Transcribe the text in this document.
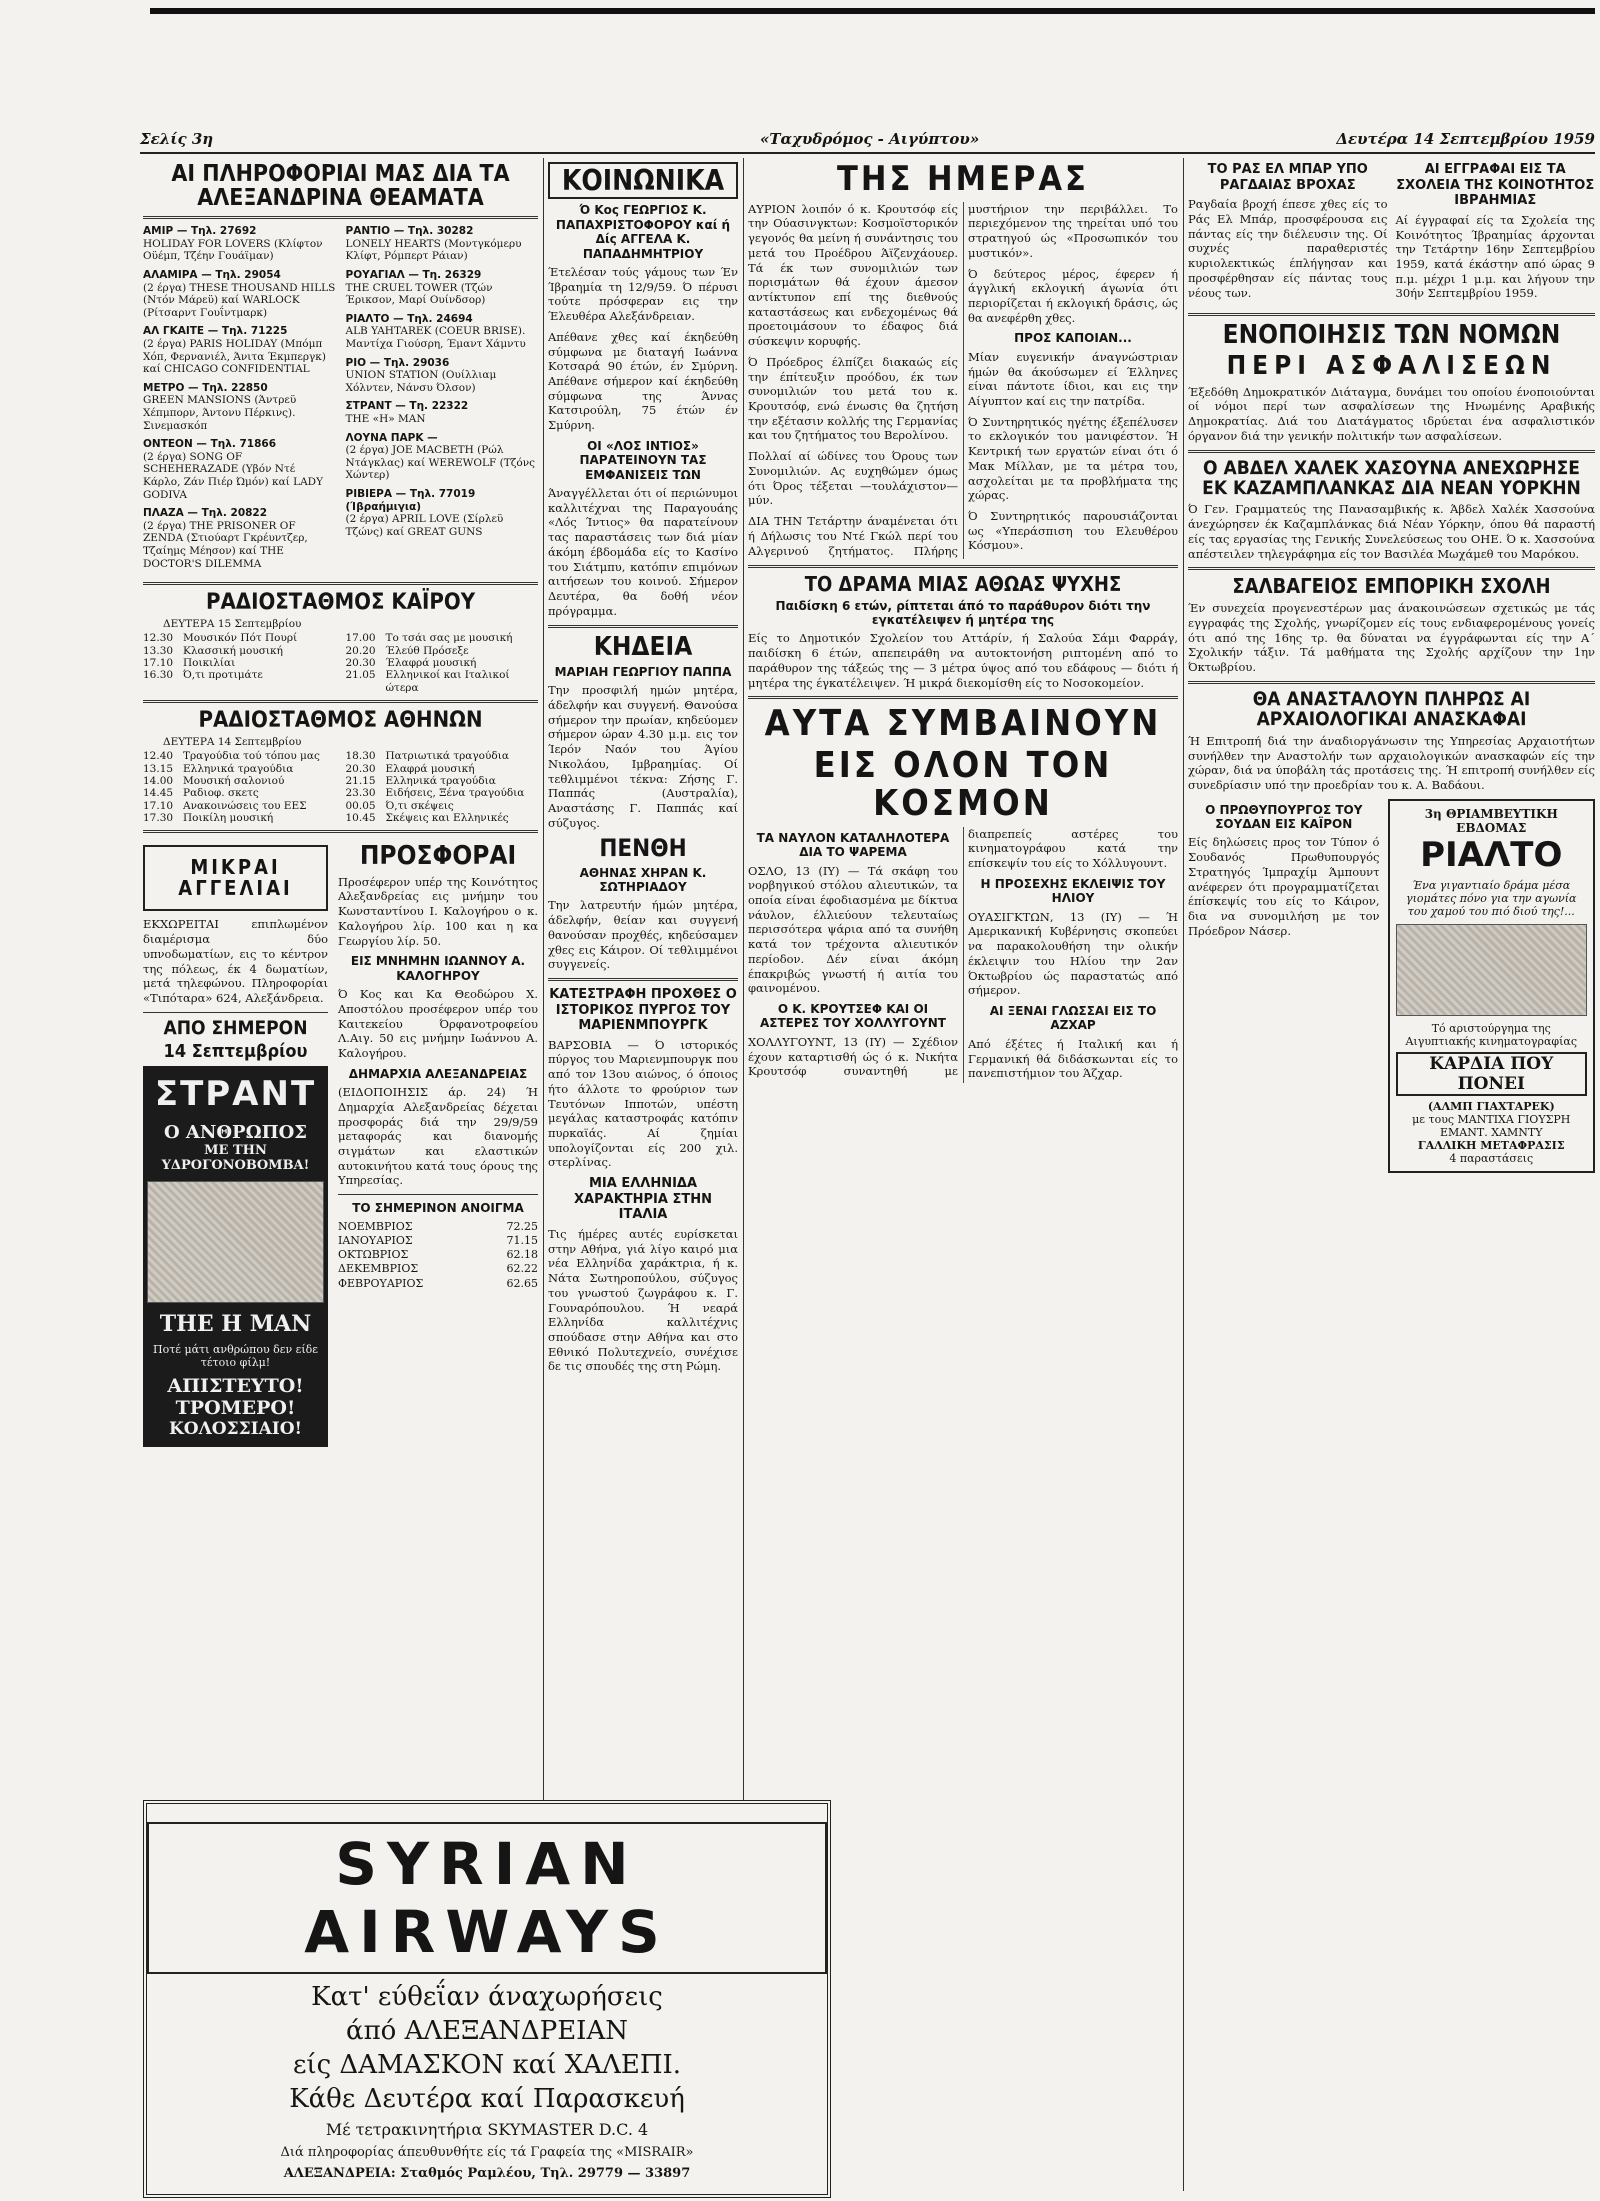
Σελίς 3η	«Ταχυδρόμος - Αιγύπτου»	Δευτέρα 14 Σεπτεμβρίου 1959
ΑΙ ΠΛΗΡΟΦΟΡΙΑΙ ΜΑΣ ΔΙΑ ΤΑ ΑΛΕΞΑΝΔΡΙΝΑ ΘΕΑΜΑΤΑ
ΑΜΙΡ — Τηλ. 27692
HOLIDAY FOR LOVERS (Κλίφτον Οϋέμπ, Τζέην Γουάϊμαν)
ΑΛΑΜΙΡΑ — Τηλ. 29054
(2 έργα) THESE THOUSAND HILLS (Ντόν Μάρεϋ) καί WARLOCK (Ρίτσαρντ Γουΐντμαρκ)
ΑΛ ΓΚΑΙΤΕ — Τηλ. 71225
(2 έργα) PARIS HOLIDAY (Μπόμπ Χόπ, Φερνανιέλ, Άνιτα Έκμπεργκ) καί CHICAGO CONFIDENTIAL
ΜΕΤΡΟ — Τηλ. 22850
GREEN MANSIONS (Άντρεϋ Χέπμπορν, Άντονυ Πέρκινς). Σινεμασκόπ
ΟΝΤΕΟΝ — Τηλ. 71866
(2 έργα) SONG OF SCHEHERAZADE (Υβόν Ντέ Κάρλο, Ζάν Πιέρ Ώμόν) καί LADY GODIVA
ΠΛΑΖΑ — Τηλ. 20822
(2 έργα) THE PRISONER OF ZENDA (Στιούαρτ Γκρέυντζερ, Τζαίημς Μέησον) καί THE DOCTOR'S DILEMMA
ΡΑΝΤΙΟ — Τηλ. 30282
LONELY HEARTS (Μοντγκόμερυ Κλίφτ, Ρόμπερτ Ράιαν)
ΡΟΥΑΓΙΑΛ — Τη. 26329
THE CRUEL TOWER (Τζών Έρικσον, Μαρί Ουίνδσορ)
ΡΙΑΛΤΟ — Τηλ. 24694
ALB YAHTAREK (COEUR BRISE). Μαντίχα Γιούσρη, Έμαντ Χάμντυ
ΡΙΟ — Τηλ. 29036
UNION STATION (Ουίλλιαμ Χόλντεν, Νάνσυ Όλσον)
ΣΤΡΑΝΤ — Τη. 22322
THE «H» MAN
ΛΟΥΝΑ ΠΑΡΚ —
(2 έργα) JOE MACBETH (Ρώλ Ντάγκλας) καί WEREWOLF (Τζόνς Χώντερ)
ΡΙΒΙΕΡΑ — Τηλ. 77019 (Ίβραήμιγια)
(2 έργα) APRIL LOVE (Σίρλεϋ Τζώνς) καί GREAT GUNS
ΡΑΔΙΟΣΤΑΘΜΟΣ ΚΑΪΡΟΥ
ΔΕΥΤΕΡΑ 15 Σεπτεμβρίου
12.30 Μουσικόν Πότ Πουρί
13.30 Κλασσική μουσική
17.10 Ποικιλίαι
16.30 Ό,τι προτιμάτε
17.00 Το τσάι σας με μουσική
20.20 Έλεύθ Πρόσεξε
20.30 Έλαφρά μουσική
21.05 Ελληνικοί και Ιταλικοί ώτερα
ΡΑΔΙΟΣΤΑΘΜΟΣ ΑΘΗΝΩΝ
ΔΕΥΤΕΡΑ 14 Σεπτεμβρίου
12.40 Τραγούδια τού τόπου μας
13.15 Ελληνικά τραγούδια
14.00 Μουσική σαλονιού
14.45 Ραδιοφ. σκετς
17.10 Ανακοινώσεις του ΕΕΣ
17.30 Ποικίλη μουσική
18.30 Πατριωτικά τραγούδια
20.30 Ελαφρά μουσική
21.15 Ελληνικά τραγούδια
23.30 Ειδήσεις, Ξένα τραγούδια
00.05 Ό,τι σκέψεις
10.45 Σκέψεις και Ελληνικές
ΜΙΚΡΑΙ ΑΓΓΕΛΙΑΙ

ΕΚΧΩΡΕΙΤΑΙ επιπλωμένον διαμέρισμα δύο υπνοδωματίων, εις το κέντρον της πόλεως, έκ 4 δωματίων, μετά τηλεφώνου. Πληροφορίαι «Τιπόταρα» 624, Αλεξάνδρεια.

ΑΠΟ ΣΗΜΕΡΟΝ
14 Σεπτεμβρίου
ΣΤΡΑΝΤ
Ο ΑΝΘΡΩΠΟΣ
ΜΕ ΤΗΝ ΥΔΡΟΓΟΝΟΒΟΜΒΑ!
THE H MAN
Ποτέ μάτι ανθρώπου δεν είδε τέτοιο φίλμ!
ΑΠΙΣΤΕΥΤΟ!
ΤΡΟΜΕΡΟ!
ΚΟΛΟΣΣΙΑΙΟ!
ΠΡΟΣΦΟΡΑΙ

Προσέφερον υπέρ της Κοινότητος Αλεξανδρείας εις μνήμην του Κωνσταντίνου Ι. Καλογήρου ο κ. Καλογήρου λίρ. 100 και η κα Γεωργίου λίρ. 50.

ΕΙΣ ΜΝΗΜΗΝ ΙΩΑΝΝΟΥ Α. ΚΑΛΟΓΗΡΟΥ

Ό Κος και Κα Θεοδώρου Χ. Αποστόλου προσέφερον υπέρ του Καιτεκείου Όρφανοτροφείου Λ.Αιγ. 50 εις μνήμην Ιωάννου Α. Καλογήρου.

ΔΗΜΑΡΧΙΑ ΑΛΕΞΑΝΔΡΕΙΑΣ

(ΕΙΔΟΠΟΙΗΣΙΣ άρ. 24) Ή Δημαρχία Αλεξανδρείας δέχεται προσφοράς διά την 29/9/59 μεταφοράς και διανομής σιγμάτων και ελαστικών αυτοκινήτου κατά τους όρους της Υπηρεσίας.

ΤΟ ΣΗΜΕΡΙΝΟΝ ΑΝΟΙΓΜΑ
ΝΟΕΜΒΡΙΟΣ	72.25
ΙΑΝΟΥΑΡΙΟΣ	71.15
ΟΚΤΩΒΡΙΟΣ	62.18
ΔΕΚΕΜΒΡΙΟΣ	62.22
ΦΕΒΡΟΥΑΡΙΟΣ	62.65
ΚΟΙΝΩΝΙΚΑ
Ό Κος ΓΕΩΡΓΙΟΣ Κ. ΠΑΠΑΧΡΙΣΤΟΦΟΡΟΥ καί ή Δίς ΑΓΓΕΛΑ Κ. ΠΑΠΑΔΗΜΗΤΡΙΟΥ

Έτελέσαν τούς γάμους των Έν Ίβραημία τη 12/9/59. Ό πέρυσι τούτε πρόσφεραν εις την Έλευθέρα Αλεξάνδρειαν.

Απέθανε χθες καί έκηδεύθη σύμφωνα με διαταγή Ιωάννα Κοτσαρά 90 έτών, έν Σμύρνη. Απέθανε σήμερον καί έκηδεύθη σύμφωνα της Άννας Κατσιρούλη, 75 έτών έν Σμύρνη.

ΟΙ «ΛΟΣ ΙΝΤΙΟΣ» ΠΑΡΑΤΕΙΝΟΥΝ ΤΑΣ ΕΜΦΑΝΙΣΕΙΣ ΤΩΝ

Άναγγέλλεται ότι οί περιώνυμοι καλλιτέχναι της Παραγουάης «Λός Ίντιος» θα παρατείνουν τας παραστάσεις των διά μίαν άκόμη έβδομάδα είς το Κασίνο του Σιάτμπυ, κατόπιν επιμόνων αιτήσεων του κοινού. Σήμερον Δευτέρα, θα δοθή νέον πρόγραμμα.

ΚΗΔΕΙΑ
ΜΑΡΙΑΗ ΓΕΩΡΓΙΟΥ ΠΑΠΠΑ

Την προσφιλή ημών μητέρα, άδελφήν και συγγενή. Θανούσα σήμερον την πρωίαν, κηδεύομεν σήμερον ώραν 4.30 μ.μ. εις τον Ίερόν Ναόν του Άγίου Νικολάου, Ιμβραημίας. Οί τεθλιμμένοι τέκνα: Ζήσης Γ. Παππάς (Αυστραλία), Αναστάσης Γ. Παππάς καί σύζυγος.

ΠΕΝΘΗ
ΑΘΗΝΑΣ ΧΗΡΑΝ Κ. ΣΩΤΗΡΙΑΔΟΥ

Την λατρευτήν ήμών μητέρα, άδελφήν, θείαν και συγγενή θανούσαν προχθές, κηδεύσαμεν χθες εις Κάιρον. Οί τεθλιμμένοι συγγενείς.

ΚΑΤΕΣΤΡΑΦΗ ΠΡΟΧΘΕΣ Ο ΙΣΤΟΡΙΚΟΣ ΠΥΡΓΟΣ ΤΟΥ ΜΑΡΙΕΝΜΠΟΥΡΓΚ

ΒΑΡΣΟΒΙΑ — Ό ιστορικός πύργος του Μαριενμπουργκ που από τον 13ου αιώνος, ό όποιος ήτο άλλοτε το φρούριον των Τευτόνων Ιπποτών, υπέστη μεγάλας καταστροφάς κατόπιν πυρκαϊάς. Αί ζημίαι υπολογίζονται είς 200 χιλ. στερλίνας.

ΜΙΑ ΕΛΛΗΝΙΔΑ ΧΑΡΑΚΤΗΡΙΑ ΣΤΗΝ ΙΤΑΛΙΑ

Τις ήμέρες αυτές ευρίσκεται στην Αθήνα, γιά λίγο καιρό μια νέα Ελληνίδα χαράκτρια, ή κ. Νάτα Σωτηροπούλου, σύζυγος του γνωστού ζωγράφου κ. Γ. Γουναρόπουλου. Ή νεαρά Ελληνίδα καλλιτέχνις σπούδασε στην Αθήνα και στο Εθνικό Πολυτεχνείο, συνέχισε δε τις σπουδές της στη Ρώμη.

ΤΗΣ ΗΜΕΡΑΣ

ΑΥΡΙΟΝ λοιπόν ό κ. Κρουτσόφ είς την Ούασινγκτων: Κοσμοϊστορικόν γεγονός θα μείνη ή συνάντησις του μετά του Προέδρου Άϊζενχάουερ. Τά έκ των συνομιλιών των πορισμάτων θά έχουν άμεσον αντίκτυπον επί της διεθνούς καταστάσεως και ενδεχομένως θά προετοιμάσουν το έδαφος διά σύσκεψιν κορυφής.

Ό Πρόεδρος έλπίζει διακαώς είς την έπίτευξιν προόδου, έκ των συνομιλιών του μετά του κ. Κρουτσόφ, ενώ ένωσις θα ζητήση την εξέτασιν κολλής της Γερμανίας και του ζητήματος του Βερολίνου.

Πολλαί αί ώδίνες του Όρους των Συνομιλιών. Ας ευχηθώμεν όμως ότι Όρος τέξεται —τουλάχιστον— μύν.

ΔΙΑ ΤΗΝ Τετάρτην άναμένεται ότι ή Δήλωσις του Ντέ Γκώλ περί του Αλγερινού ζητήματος. Πλήρης μυστήριον την περιβάλλει. Το περιεχόμενον της τηρείται υπό του στρατηγού ώς «Προσωπικόν του μυστικόν».

Ό δεύτερος μέρος, έφερεν ή άγγλική εκλογική άγωνία ότι περιορίζεται ή εκλογική δράσις, ώς θα ανεφέρθη χθες.

ΠΡΟΣ ΚΑΠΟΙΑΝ...

Μίαν ευγενικήν άναγνώστριαν ήμών θα άκούσωμεν εί Έλληνες είναι πάντοτε ίδιοι, και εις την Αίγυπτον καί εις την πατρίδα.

Ό Συντηρητικός ηγέτης έξεπέλυσεν το εκλογικόν του μανιφέστον. Ή Κεντρική των εργατών είναι ότι ό Μακ Μίλλαν, με τα μέτρα του, ασχολείται με τα προβλήματα της χώρας.

Ό Συντηρητικός παρουσιάζονται ως «Υπεράσπιση του Ελευθέρου Κόσμου».

ΤΟ ΔΡΑΜΑ ΜΙΑΣ ΑΘΩΑΣ ΨΥΧΗΣ
Παιδίσκη 6 ετών, ρίπτεται άπό το παράθυρον διότι την εγκατέλειψεν ή μητέρα της

Είς το Δημοτικόν Σχολείον του Αττάρίν, ή Σαλούα Σάμι Φαρράγ, παιδίσκη 6 έτών, απεπειράθη να αυτοκτονήση ριπτομένη από το παράθυρον της τάξεώς της — 3 μέτρα ύψος από του εδάφους — διότι ή μητέρα της έγκατέλειψεν. Ή μικρά διεκομίσθη είς το Νοσοκομείον.

ΑΥΤΑ ΣΥΜΒΑΙΝΟΥΝ
ΕΙΣ ΟΛΟΝ ΤΟΝ ΚΟΣΜΟΝ
ΤΑ ΝΑΥΛΟΝ ΚΑΤΑΛΗΛΟΤΕΡΑ ΔΙΑ ΤΟ ΨΑΡΕΜΑ

ΟΣΛΟ, 13 (ΙΥ) — Τά σκάφη του νορβηγικού στόλου αλιευτικών, τα οποία είναι έφοδιασμένα με δίκτυα νάυλον, έλλιεύουν τελευταίως περισσότερα ψάρια από τα συνήθη κατά τον τρέχοντα αλιευτικόν περίοδον. Δέν είναι άκόμη έπακριβώς γνωστή ή αιτία του φαινομένου.

Ο Κ. ΚΡΟΥΤΣΕΦ ΚΑΙ ΟΙ ΑΣΤΕΡΕΣ ΤΟΥ ΧΟΛΛΥΓΟΥΝΤ

ΧΟΛΛΥΓΟΥΝΤ, 13 (ΙΥ) — Σχέδιον έχουν καταρτισθή ώς ό κ. Νικήτα Κρουτσόφ συναντηθή με διαπρεπείς αστέρες του κινηματογράφου κατά την επίσκεψίν του είς το Χόλλυγουντ.

Η ΠΡΟΣΕΧΗΣ ΕΚΛΕΙΨΙΣ ΤΟΥ ΗΛΙΟΥ

ΟΥΑΣΙΓΚΤΩΝ, 13 (ΙΥ) — Ή Αμερικανική Κυβέρνησις σκοπεύει να παρακολουθήση την ολικήν έκλειψιν του Ηλίου την 2αν Όκτωβρίου ώς παραστατώς από σήμερον.

ΑΙ ΞΕΝΑΙ ΓΛΩΣΣΑΙ ΕΙΣ ΤΟ ΑΖΧΑΡ

Από έξέτες ή Ιταλική και ή Γερμανική θά διδάσκωνται είς το πανεπιστήμιον του Άζχαρ.

ΤΟ ΡΑΣ ΕΛ ΜΠΑΡ ΥΠΟ ΡΑΓΔΑΙΑΣ ΒΡΟΧΑΣ

Ραγδαία βροχή έπεσε χθες είς το Ράς Ελ Μπάρ, προσφέρουσα εις πάντας είς την διέλευσιν της. Οί συχνές παραθεριστές κυριολεκτικώς έπλήγησαν και προσφέρθησαν είς πάντας τους νέους των.

ΑΙ ΕΓΓΡΑΦΑΙ ΕΙΣ ΤΑ ΣΧΟΛΕΙΑ ΤΗΣ ΚΟΙΝΟΤΗΤΟΣ ΙΒΡΑΗΜΙΑΣ

Αί έγγραφαί είς τα Σχολεία της Κοινότητος Ίβραημίας άρχονται την Τετάρτην 16ην Σεπτεμβρίου 1959, κατά έκάστην από ώρας 9 π.μ. μέχρι 1 μ.μ. και λήγουν την 30ήν Σεπτεμβρίου 1959.

ΕΝΟΠΟΙΗΣΙΣ ΤΩΝ ΝΟΜΩΝ
ΠΕΡΙ ΑΣΦΑΛΙΣΕΩΝ

Έξεδόθη Δημοκρατικόν Διάταγμα, δυνάμει του οποίου ένοποιούνται οί νόμοι περί των ασφαλίσεων της Ηνωμένης Αραβικής Δημοκρατίας. Διά του Διατάγματος ιδρύεται ένα ασφαλιστικόν όργανον διά την γενικήν πολιτικήν των ασφαλίσεων.

Ο ΑΒΔΕΛ ΧΑΛΕΚ ΧΑΣΟΥΝΑ ΑΝΕΧΩΡΗΣΕ ΕΚ ΚΑΖΑΜΠΛΑΝΚΑΣ ΔΙΑ ΝΕΑΝ ΥΟΡΚΗΝ

Ό Γεν. Γραμματεύς της Πανασαμβικής κ. Άβδελ Χαλέκ Χασσούνα άνεχώρησεν έκ Καζαμπλάνκας διά Νέαν Υόρκην, όπου θά παραστή είς τας εργασίας της Γενικής Συνελεύσεως του ΟΗΕ. Ό κ. Χασσούνα απέστειλεν τηλεγράφημα είς τον Βασιλέα Μωχάμεθ του Μαρόκου.

ΣΑΛΒΑΓΕΙΟΣ ΕΜΠΟΡΙΚΗ ΣΧΟΛΗ

Έν συνεχεία προγενεστέρων μας άνακοινώσεων σχετικώς με τάς εγγραφάς της Σχολής, γνωρίζομεν είς τους ενδιαφερομένους γονείς ότι από της 16ης τρ. θα δύναται να έγγράφωνται είς την Α΄ Σχολικήν τάξιν. Τά μαθήματα της Σχολής αρχίζουν την 1ην Όκτωβρίου.

ΘΑ ΑΝΑΣΤΑΛΟΥΝ ΠΛΗΡΩΣ ΑΙ ΑΡΧΑΙΟΛΟΓΙΚΑΙ ΑΝΑΣΚΑΦΑΙ

Ή Επιτροπή διά την άναδιοργάνωσιν της Υπηρεσίας Αρχαιοτήτων συνήλθεν την Αναστολήν των αρχαιολογικών ανασκαφών είς την χώραν, διά να ύποβάλη τάς προτάσεις της. Ή επιτροπή συνήλθεν είς συνεδρίασιν υπό την προεδρίαν του κ. Α. Βαδάουι.

Ο ΠΡΩΘΥΠΟΥΡΓΟΣ ΤΟΥ ΣΟΥΔΑΝ ΕΙΣ ΚΑΪΡΟΝ

Είς δηλώσεις προς τον Τύπον ό Σουδανός Πρωθυπουργός Στρατηγός Ίμπραχίμ Άμπουντ ανέφερεν ότι προγραμματίζεται έπίσκεψίς του είς το Κάιρον, δια να συνομιλήση με τον Πρόεδρον Νάσερ.

3η ΘΡΙΑΜΒΕΥΤΙΚΗ ΕΒΔΟΜΑΣ
ΡΙΑΛΤΟ
Ένα γιγαντιαίο δράμα μέσα γιομάτες πόνο για την αγωνία του χαμού του πιό διού της!...
Τό αριστούργημα της Αιγυπτιακής κινηματογραφίας
ΚΑΡΔΙΑ ΠΟΥ ΠΟΝΕΙ
(ΑΛΜΠ ΓΙΑΧΤΑΡΕΚ)
με τους ΜΑΝΤΙΧΑ ΓΙΟΥΣΡΗ ΕΜΑΝΤ. ΧΑΜΝΤΥ
ΓΑΛΛΙΚΗ ΜΕΤΑΦΡΑΣΙΣ
4 παραστάσεις
SYRIAN AIRWAYS
Κατ' εύθεΐαν άναχωρήσεις
άπό ΑΛΕΞΑΝΔΡΕΙΑΝ
είς ΔΑΜΑΣΚΟΝ καί ΧΑΛΕΠΙ.
Κάθε Δευτέρα καί Παρασκευή
Μέ τετρακινητήρια SKYMASTER D.C. 4
Διά πληροφορίας άπευθυνθήτε είς τά Γραφεία της «MISRAIR»
ΑΛΕΞΑΝΔΡΕΙΑ: Σταθμός Ραμλέου, Τηλ. 29779 — 33897
